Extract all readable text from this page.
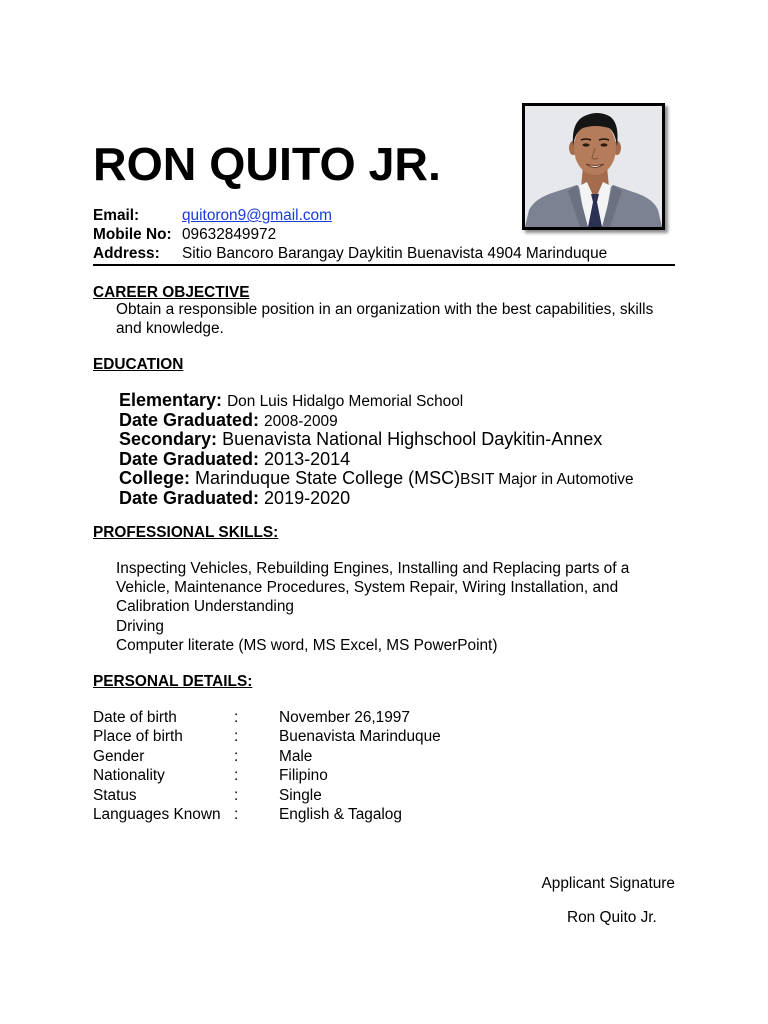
RON QUITO JR.
Email:	quitoron9@gmail.com
Mobile No: 09632849972
Address:	Sitio Bancoro Barangay Daykitin Buenavista 4904 Marinduque
CAREER OBJECTIVE
Obtain a responsible position in an organization with the best capabilities, skills and knowledge.
EDUCATION
Elementary: Don Luis Hidalgo Memorial School
Date Graduated: 2008-2009
Secondary: Buenavista National Highschool Daykitin-Annex
Date Graduated: 2013-2014
College: Marinduque State College (MSC)BSIT Major in Automotive
Date Graduated: 2019-2020
PROFESSIONAL SKILLS:
Inspecting Vehicles, Rebuilding Engines, Installing and Replacing parts of a Vehicle, Maintenance Procedures, System Repair, Wiring Installation, and Calibration Understanding
Driving
Computer literate (MS word, MS Excel, MS PowerPoint)
PERSONAL DETAILS:
Date of birth	:	November 26,1997
Place of birth	:	Buenavista Marinduque
Gender	:	Male
Nationality	:	Filipino
Status	:	Single
Languages Known :	English & Tagalog
Applicant Signature
Ron Quito Jr.
